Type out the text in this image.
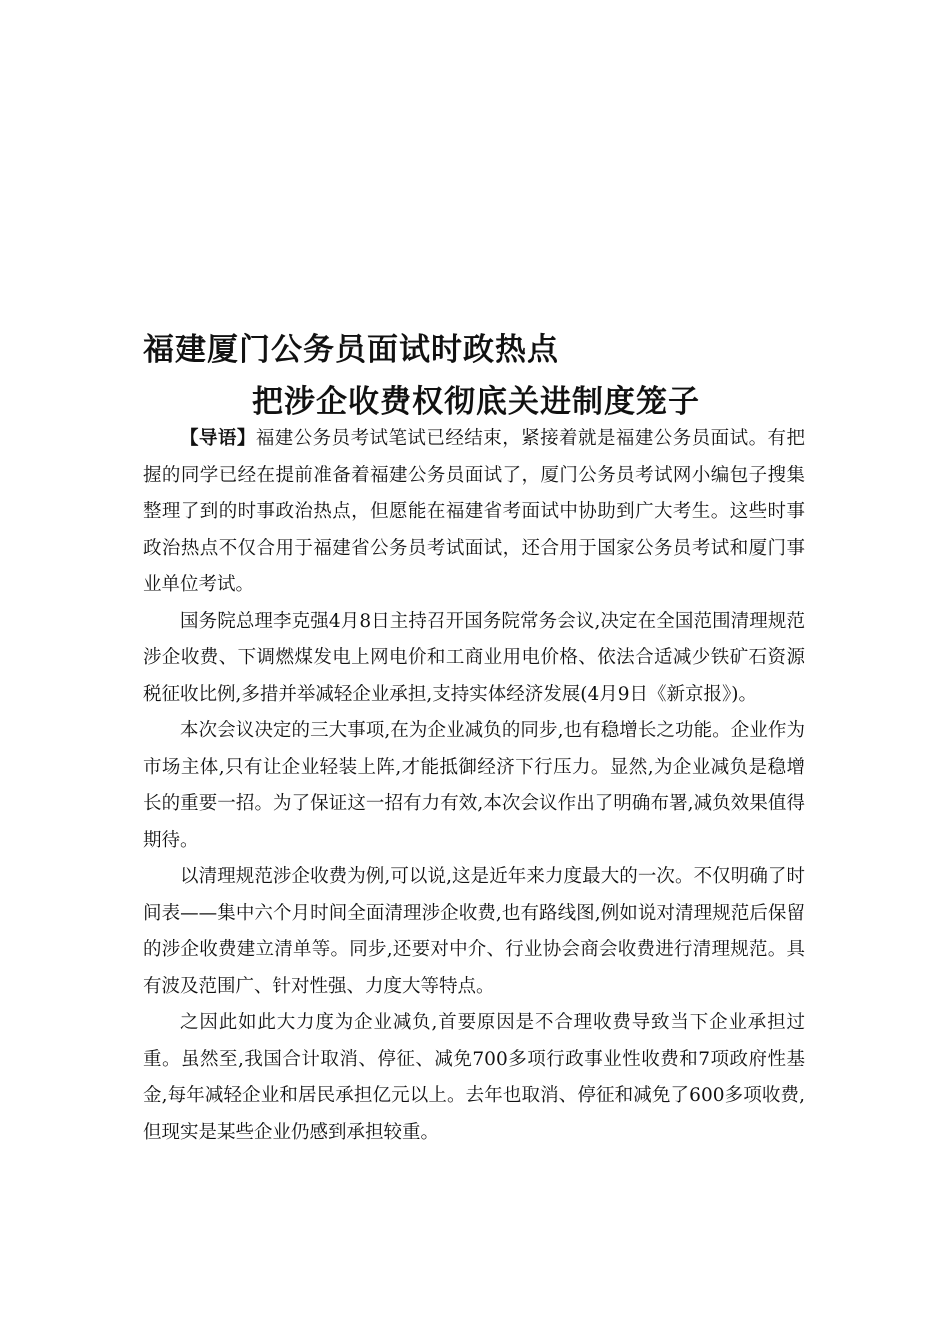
福建厦门公务员面试时政热点
把涉企收费权彻底关进制度笼子

【导语】福建公务员考试笔试已经结束，紧接着就是福建公务员面试。有把握的同学已经在提前准备着福建公务员面试了，厦门公务员考试网小编包子搜集整理了到的时事政治热点，但愿能在福建省考面试中协助到广大考生。这些时事政治热点不仅合用于福建省公务员考试面试，还合用于国家公务员考试和厦门事业单位考试。

国务院总理李克强4月8日主持召开国务院常务会议,决定在全国范围清理规范涉企收费、下调燃煤发电上网电价和工商业用电价格、依法合适减少铁矿石资源税征收比例,多措并举减轻企业承担,支持实体经济发展(4月9日《新京报》)。

本次会议决定的三大事项,在为企业减负的同步,也有稳增长之功能。企业作为市场主体,只有让企业轻装上阵,才能抵御经济下行压力。显然,为企业减负是稳增长的重要一招。为了保证这一招有力有效,本次会议作出了明确布署,减负效果值得期待。

以清理规范涉企收费为例,可以说,这是近年来力度最大的一次。不仅明确了时间表——集中六个月时间全面清理涉企收费,也有路线图,例如说对清理规范后保留的涉企收费建立清单等。同步,还要对中介、行业协会商会收费进行清理规范。具有波及范围广、针对性强、力度大等特点。

之因此如此大力度为企业减负,首要原因是不合理收费导致当下企业承担过重。虽然至,我国合计取消、停征、减免700多项行政事业性收费和7项政府性基金,每年减轻企业和居民承担亿元以上。去年也取消、停征和减免了600多项收费,但现实是某些企业仍感到承担较重。
